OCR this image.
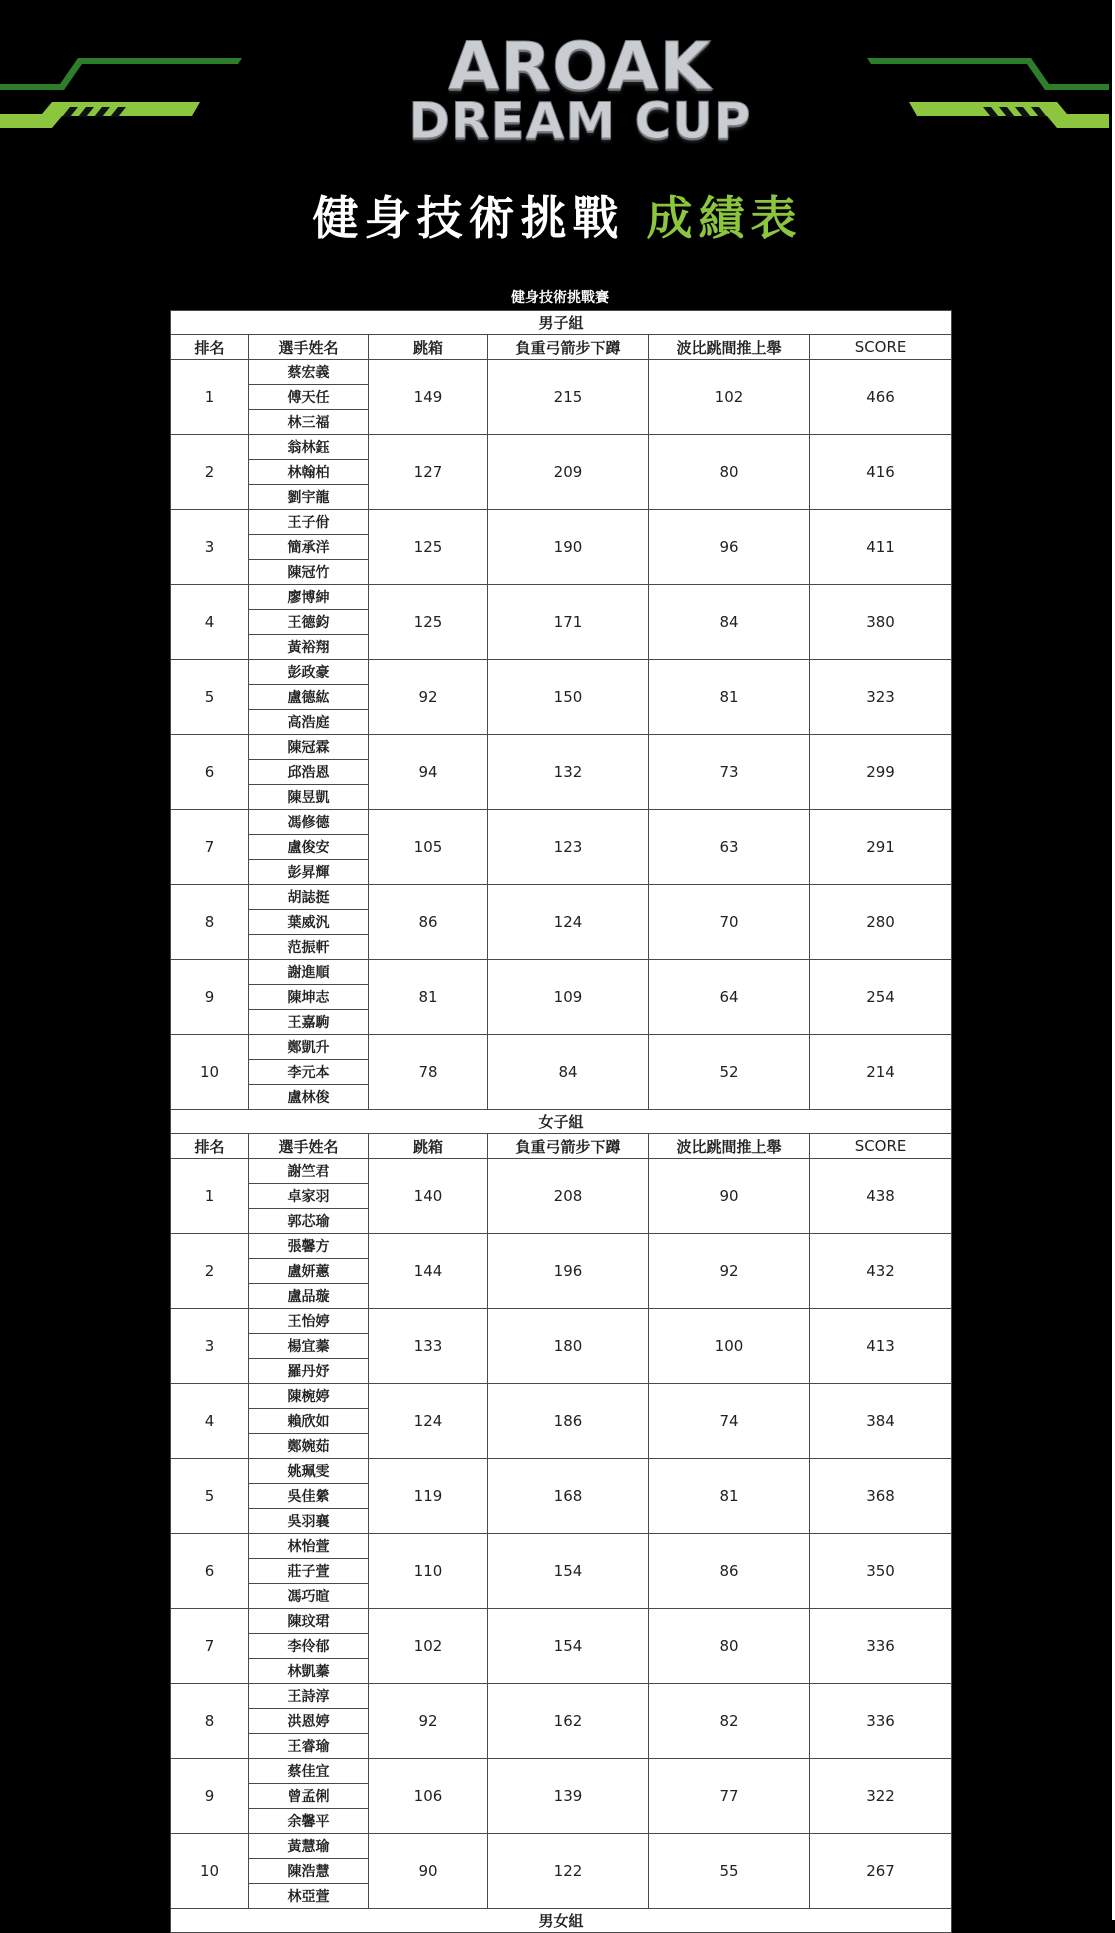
AROAK
DREAM CUP
健身技術挑戰 成績表
健身技術挑戰賽
男子組					
排名	選手姓名	跳箱	負重弓箭步下蹲	波比跳間推上舉	SCORE
1	蔡宏義	149	215	102	466
	傅天任				
	林三福				
2	翁林鈺	127	209	80	416
	林翰柏				
	劉宇龍				
3	王子佾	125	190	96	411
	簡承洋				
	陳冠竹				
4	廖博紳	125	171	84	380
	王德鈞				
	黃裕翔				
5	彭政豪	92	150	81	323
	盧德紘				
	高浩庭				
6	陳冠霖	94	132	73	299
	邱浩恩				
	陳昱凱				
7	馮修德	105	123	63	291
	盧俊安				
	彭昇輝				
8	胡誌挺	86	124	70	280
	葉威汎				
	范振軒				
9	謝進順	81	109	64	254
	陳坤志				
	王嘉駒				
10	鄭凱升	78	84	52	214
	李元本				
	盧林俊				
女子組					
排名	選手姓名	跳箱	負重弓箭步下蹲	波比跳間推上舉	SCORE
1	謝竺君	140	208	90	438
	卓家羽				
	郭芯瑜				
2	張馨方	144	196	92	432
	盧妍蕙				
	盧品璇				
3	王怡婷	133	180	100	413
	楊宜蓁				
	羅丹妤				
4	陳椀婷	124	186	74	384
	賴欣如				
	鄭婉茹				
5	姚珮雯	119	168	81	368
	吳佳縈				
	吳羽襄				
6	林怡萱	110	154	86	350
	莊子萱				
	馮巧暄				
7	陳玟珺	102	154	80	336
	李伶郁				
	林凱蓁				
8	王詩淳	92	162	82	336
	洪恩婷				
	王睿瑜				
9	蔡佳宜	106	139	77	322
	曾孟俐				
	余馨平				
10	黃慧瑜	90	122	55	267
	陳浩慧				
	林亞萱				
男女組					
